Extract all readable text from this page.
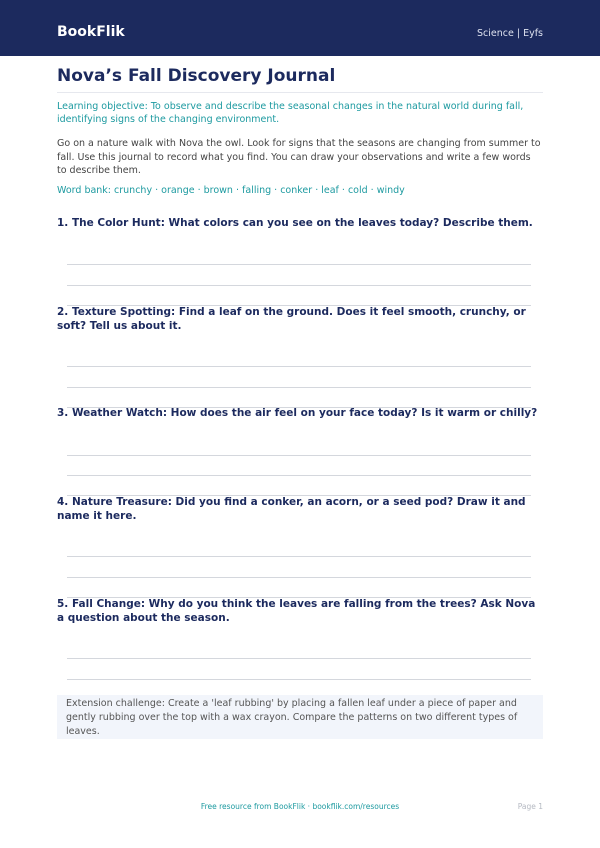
BookFlik	Science | Eyfs
Nova’s Fall Discovery Journal
Learning objective: To observe and describe the seasonal changes in the natural world during fall, identifying signs of the changing environment.
Go on a nature walk with Nova the owl. Look for signs that the seasons are changing from summer to fall. Use this journal to record what you find. You can draw your observations and write a few words to describe them.
Word bank: crunchy · orange · brown · falling · conker · leaf · cold · windy
1. The Color Hunt: What colors can you see on the leaves today? Describe them.
2. Texture Spotting: Find a leaf on the ground. Does it feel smooth, crunchy, or soft? Tell us about it.
3. Weather Watch: How does the air feel on your face today? Is it warm or chilly?
4. Nature Treasure: Did you find a conker, an acorn, or a seed pod? Draw it and name it here.
5. Fall Change: Why do you think the leaves are falling from the trees? Ask Nova a question about the season.
Extension challenge: Create a 'leaf rubbing' by placing a fallen leaf under a piece of paper and gently rubbing over the top with a wax crayon. Compare the patterns on two different types of leaves.
Free resource from BookFlik · bookflik.com/resources	Page 1
